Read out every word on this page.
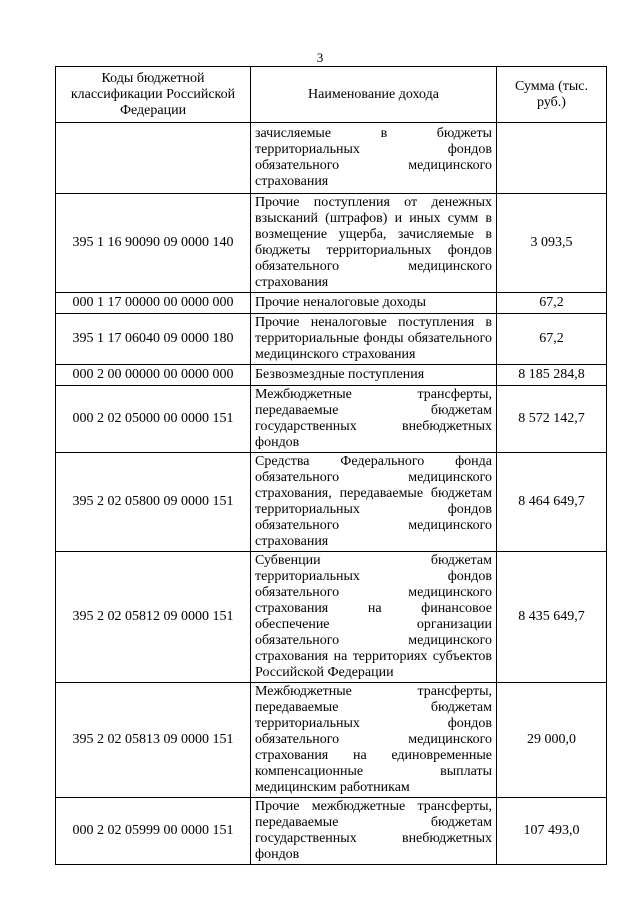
3
Коды бюджетной классификации Российской Федерации	Наименование дохода	Сумма (тыс. руб.)
	зачисляемые в бюджеты территориальных фондов обязательного медицинского страхования	
395 1 16 90090 09 0000 140	Прочие поступления от денежных взысканий (штрафов) и иных сумм в возмещение ущерба, зачисляемые в бюджеты территориальных фондов обязательного медицинского страхования	3 093,5
000 1 17 00000 00 0000 000	Прочие неналоговые доходы	67,2
395 1 17 06040 09 0000 180	Прочие неналоговые поступления в территориальные фонды обязательного медицинского страхования	67,2
000 2 00 00000 00 0000 000	Безвозмездные поступления	8 185 284,8
000 2 02 05000 00 0000 151	Межбюджетные трансферты, передаваемые бюджетам государственных внебюджетных фондов	8 572 142,7
395 2 02 05800 09 0000 151	Средства Федерального фонда обязательного медицинского страхования, передаваемые бюджетам территориальных фондов обязательного медицинского страхования	8 464 649,7
395 2 02 05812 09 0000 151	Субвенции бюджетам территориальных фондов обязательного медицинского страхования на финансовое обеспечение организации обязательного медицинского страхования на территориях субъектов Российской Федерации	8 435 649,7
395 2 02 05813 09 0000 151	Межбюджетные трансферты, передаваемые бюджетам территориальных фондов обязательного медицинского страхования на единовременные компенсационные выплаты медицинским работникам	29 000,0
000 2 02 05999 00 0000 151	Прочие межбюджетные трансферты, передаваемые бюджетам государственных внебюджетных фондов	107 493,0
